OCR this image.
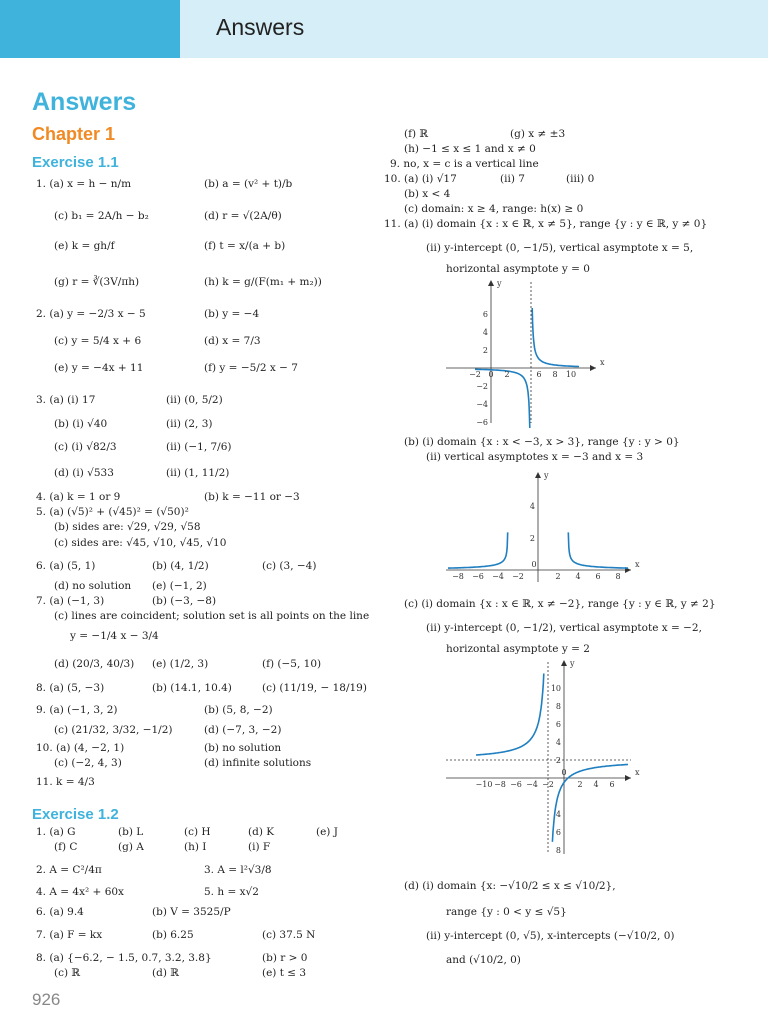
Answers
Answers
Chapter 1
Exercise 1.1
1. (a) x = h − n/m	(b) a = (v² + t)/b
(c) b₁ = 2A/h − b₂	(d) r = √(2A/θ)
(e) k = gh/f	(f) t = x/(a + b)
(g) r = ∛(3V/πh)	(h) k = g/(F(m₁ + m₂))
2. (a) y = −2/3 x − 5	(b) y = −4
(c) y = 5/4 x + 6	(d) x = 7/3
(e) y = −4x + 11	(f) y = −5/2 x − 7
3. (a) (i) 17	(ii) (0, 5/2)
(b) (i) √40	(ii) (2, 3)
(c) (i) √82/3	(ii) (−1, 7/6)
(d) (i) √533	(ii) (1, 11/2)
4. (a) k = 1 or 9	(b) k = −11 or −3
5. (a) (√5)² + (√45)² = (√50)²
(b) sides are: √29, √29, √58
(c) sides are: √45, √10, √45, √10
6. (a) (5, 1)	(b) (4, 1/2)	(c) (3, −4)
(d) no solution (e) (−1, 2)
7. (a) (−1, 3)	(b) (−3, −8)
(c) lines are coincident; solution set is all points on the line
y = −1/4 x − 3/4
(d) (20/3, 40/3) (e) (1/2, 3)	(f) (−5, 10)
8. (a) (5, −3)	(b) (14.1, 10.4)	(c) (11/19, − 18/19)
9. (a) (−1, 3, 2)	(b) (5, 8, −2)
(c) (21/32, 3/32, −1/2)	(d) (−7, 3, −2)
10. (a) (4, −2, 1)	(b) no solution
(c) (−2, 4, 3)	(d) infinite solutions
11. k = 4/3
Exercise 1.2
1. (a) G	(b) L	(c) H	(d) K	(e) J
(f) C	(g) A	(h) I	(i) F
2. A = C²/4π	3. A = l²√3/8
4. A = 4x² + 60x	5. h = x√2
6. (a) 9.4	(b) V = 3525/P
7. (a) F = kx	(b) 6.25	(c) 37.5 N
8. (a) {−6.2, − 1.5, 0.7, 3.2, 3.8}	(b) r > 0
(c) ℝ	(d) ℝ	(e) t ≤ 3
(f) ℝ	(g) x ≠ ±3
(h) −1 ≤ x ≤ 1 and x ≠ 0
9. no, x = c is a vertical line
10. (a) (i) √17	(ii) 7	(iii) 0
(b) x < 4
(c) domain: x ≥ 4, range: h(x) ≥ 0
11. (a) (i) domain {x : x ∈ ℝ, x ≠ 5}, range {y : y ∈ ℝ, y ≠ 0}
(ii) y-intercept (0, −1/5), vertical asymptote x = 5,
horizontal asymptote y = 0
y
x
−2 0 2	6 8 10
6
4
2
−2
−4
−6
(b) (i) domain {x : x < −3, x > 3}, range {y : y > 0}
(ii) vertical asymptotes x = −3 and x = 3
y
x
−8 −6 −4 −2
0
2 4 6 8
4
2
(c) (i) domain {x : x ∈ ℝ, x ≠ −2}, range {y : y ∈ ℝ, y ≠ 2}
(ii) y-intercept (0, −1/2), vertical asymptote x = −2,
horizontal asymptote y = 2
y
x
−10 −8 −6 −4 −2
0
2 4 6
10
8
6
4
2
4
6
8
(d) (i) domain {x: −√10/2 ≤ x ≤ √10/2},
range {y : 0 < y ≤ √5}
(ii) y-intercept (0, √5), x-intercepts (−√10/2, 0)
and (√10/2, 0)
926
